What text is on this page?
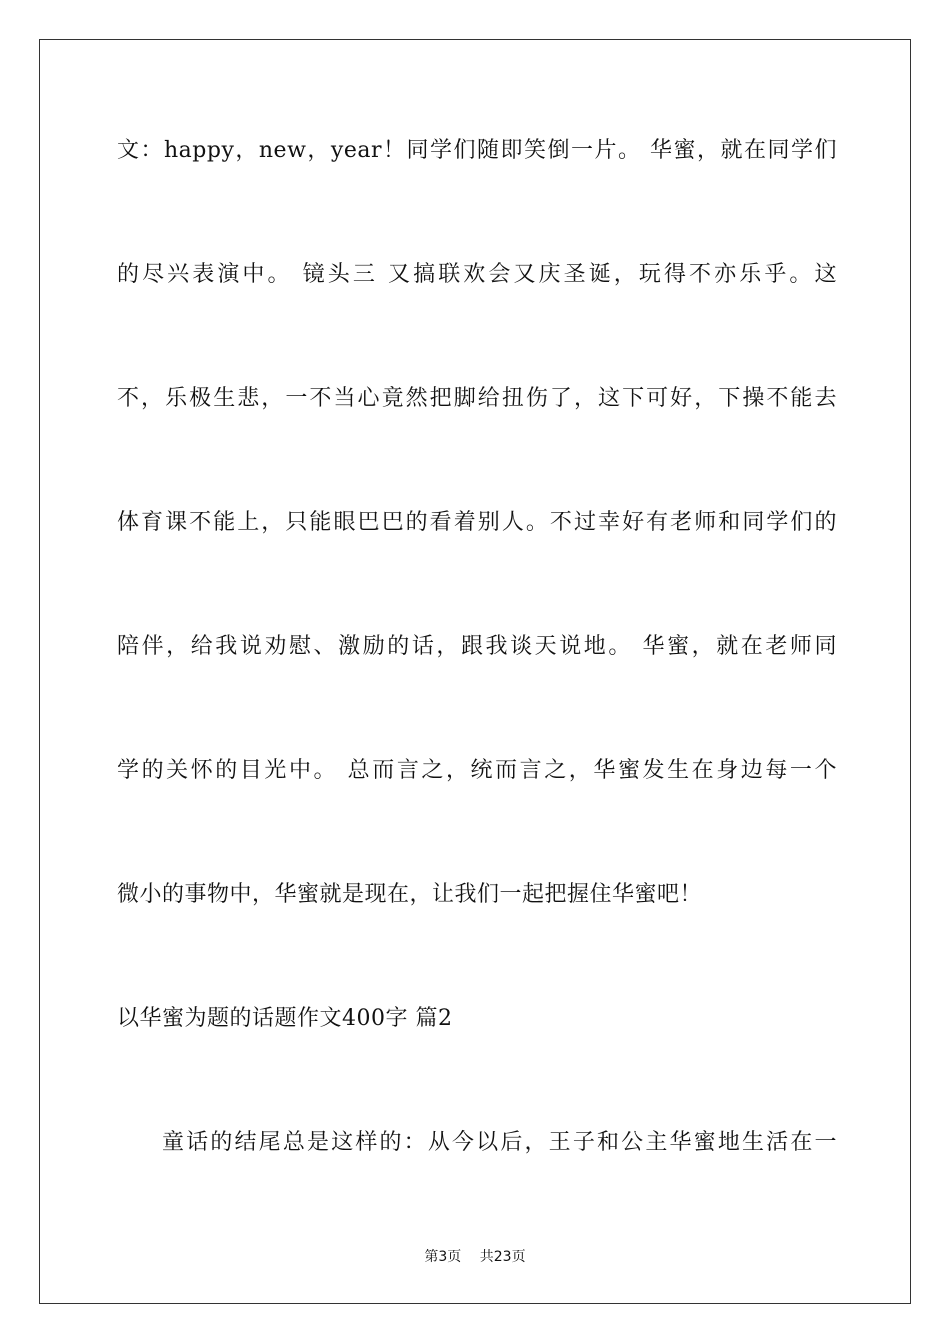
文：happy，new，year！同学们随即笑倒一片。 华蜜，就在同学们
的尽兴表演中。 镜头三 又搞联欢会又庆圣诞，玩得不亦乐乎。这
不，乐极生悲，一不当心竟然把脚给扭伤了，这下可好，下操不能去
体育课不能上，只能眼巴巴的看着别人。不过幸好有老师和同学们的
陪伴，给我说劝慰、激励的话，跟我谈天说地。 华蜜，就在老师同
学的关怀的目光中。 总而言之，统而言之，华蜜发生在身边每一个
微小的事物中，华蜜就是现在，让我们一起把握住华蜜吧！
以华蜜为题的话题作文400字 篇2
童话的结尾总是这样的：从今以后，王子和公主华蜜地生活在一
第3页 共23页
